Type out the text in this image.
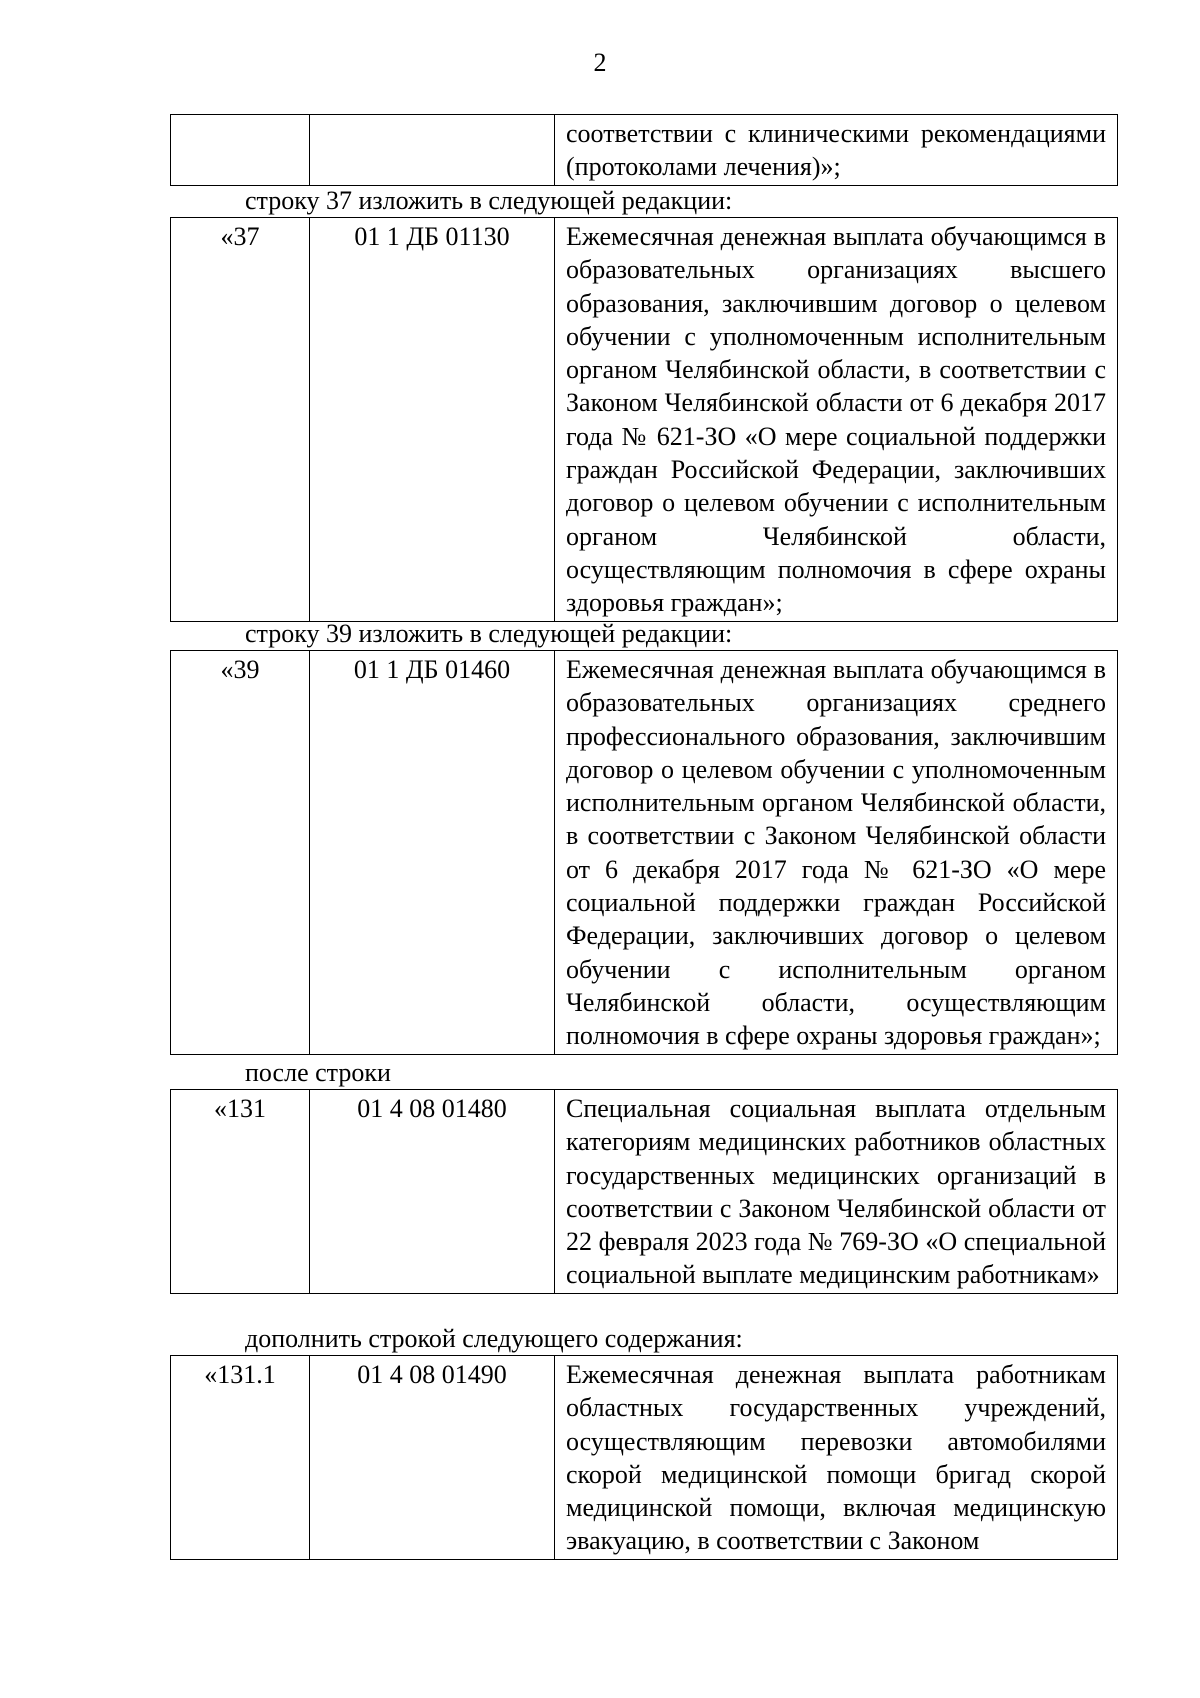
2
		соответствии с клиническими рекомендациями (протоколами лечения)»;
строку 37 изложить в следующей редакции:
«37	01 1 ДБ 01130	Ежемесячная денежная выплата обучающимся в образовательных организациях высшего образования, заключившим договор о целевом обучении с уполномоченным исполнительным органом Челябинской области, в соответствии с Законом Челябинской области от 6 декабря 2017 года № 621-ЗО «О мере социальной поддержки граждан Российской Федерации, заключивших договор о целевом обучении с исполнительным органом Челябинской области, осуществляющим полномочия в сфере охраны здоровья граждан»;
строку 39 изложить в следующей редакции:
«39	01 1 ДБ 01460	Ежемесячная денежная выплата обучающимся в образовательных организациях среднего профессионального образования, заключившим договор о целевом обучении с уполномоченным исполнительным органом Челябинской области, в соответствии с Законом Челябинской области от 6 декабря 2017 года № 621-ЗО «О мере социальной поддержки граждан Российской Федерации, заключивших договор о целевом обучении с исполнительным органом Челябинской области, осуществляющим полномочия в сфере охраны здоровья граждан»;
после строки
«131	01 4 08 01480	Специальная социальная выплата отдельным категориям медицинских работников областных государственных медицинских организаций в соответствии с Законом Челябинской области от 22 февраля 2023 года № 769-ЗО «О специальной социальной выплате медицинским работникам»
дополнить строкой следующего содержания:
«131.1	01 4 08 01490	Ежемесячная денежная выплата работникам областных государственных учреждений, осуществляющим перевозки автомобилями скорой медицинской помощи бригад скорой медицинской помощи, включая медицинскую эвакуацию, в соответствии с Законом
